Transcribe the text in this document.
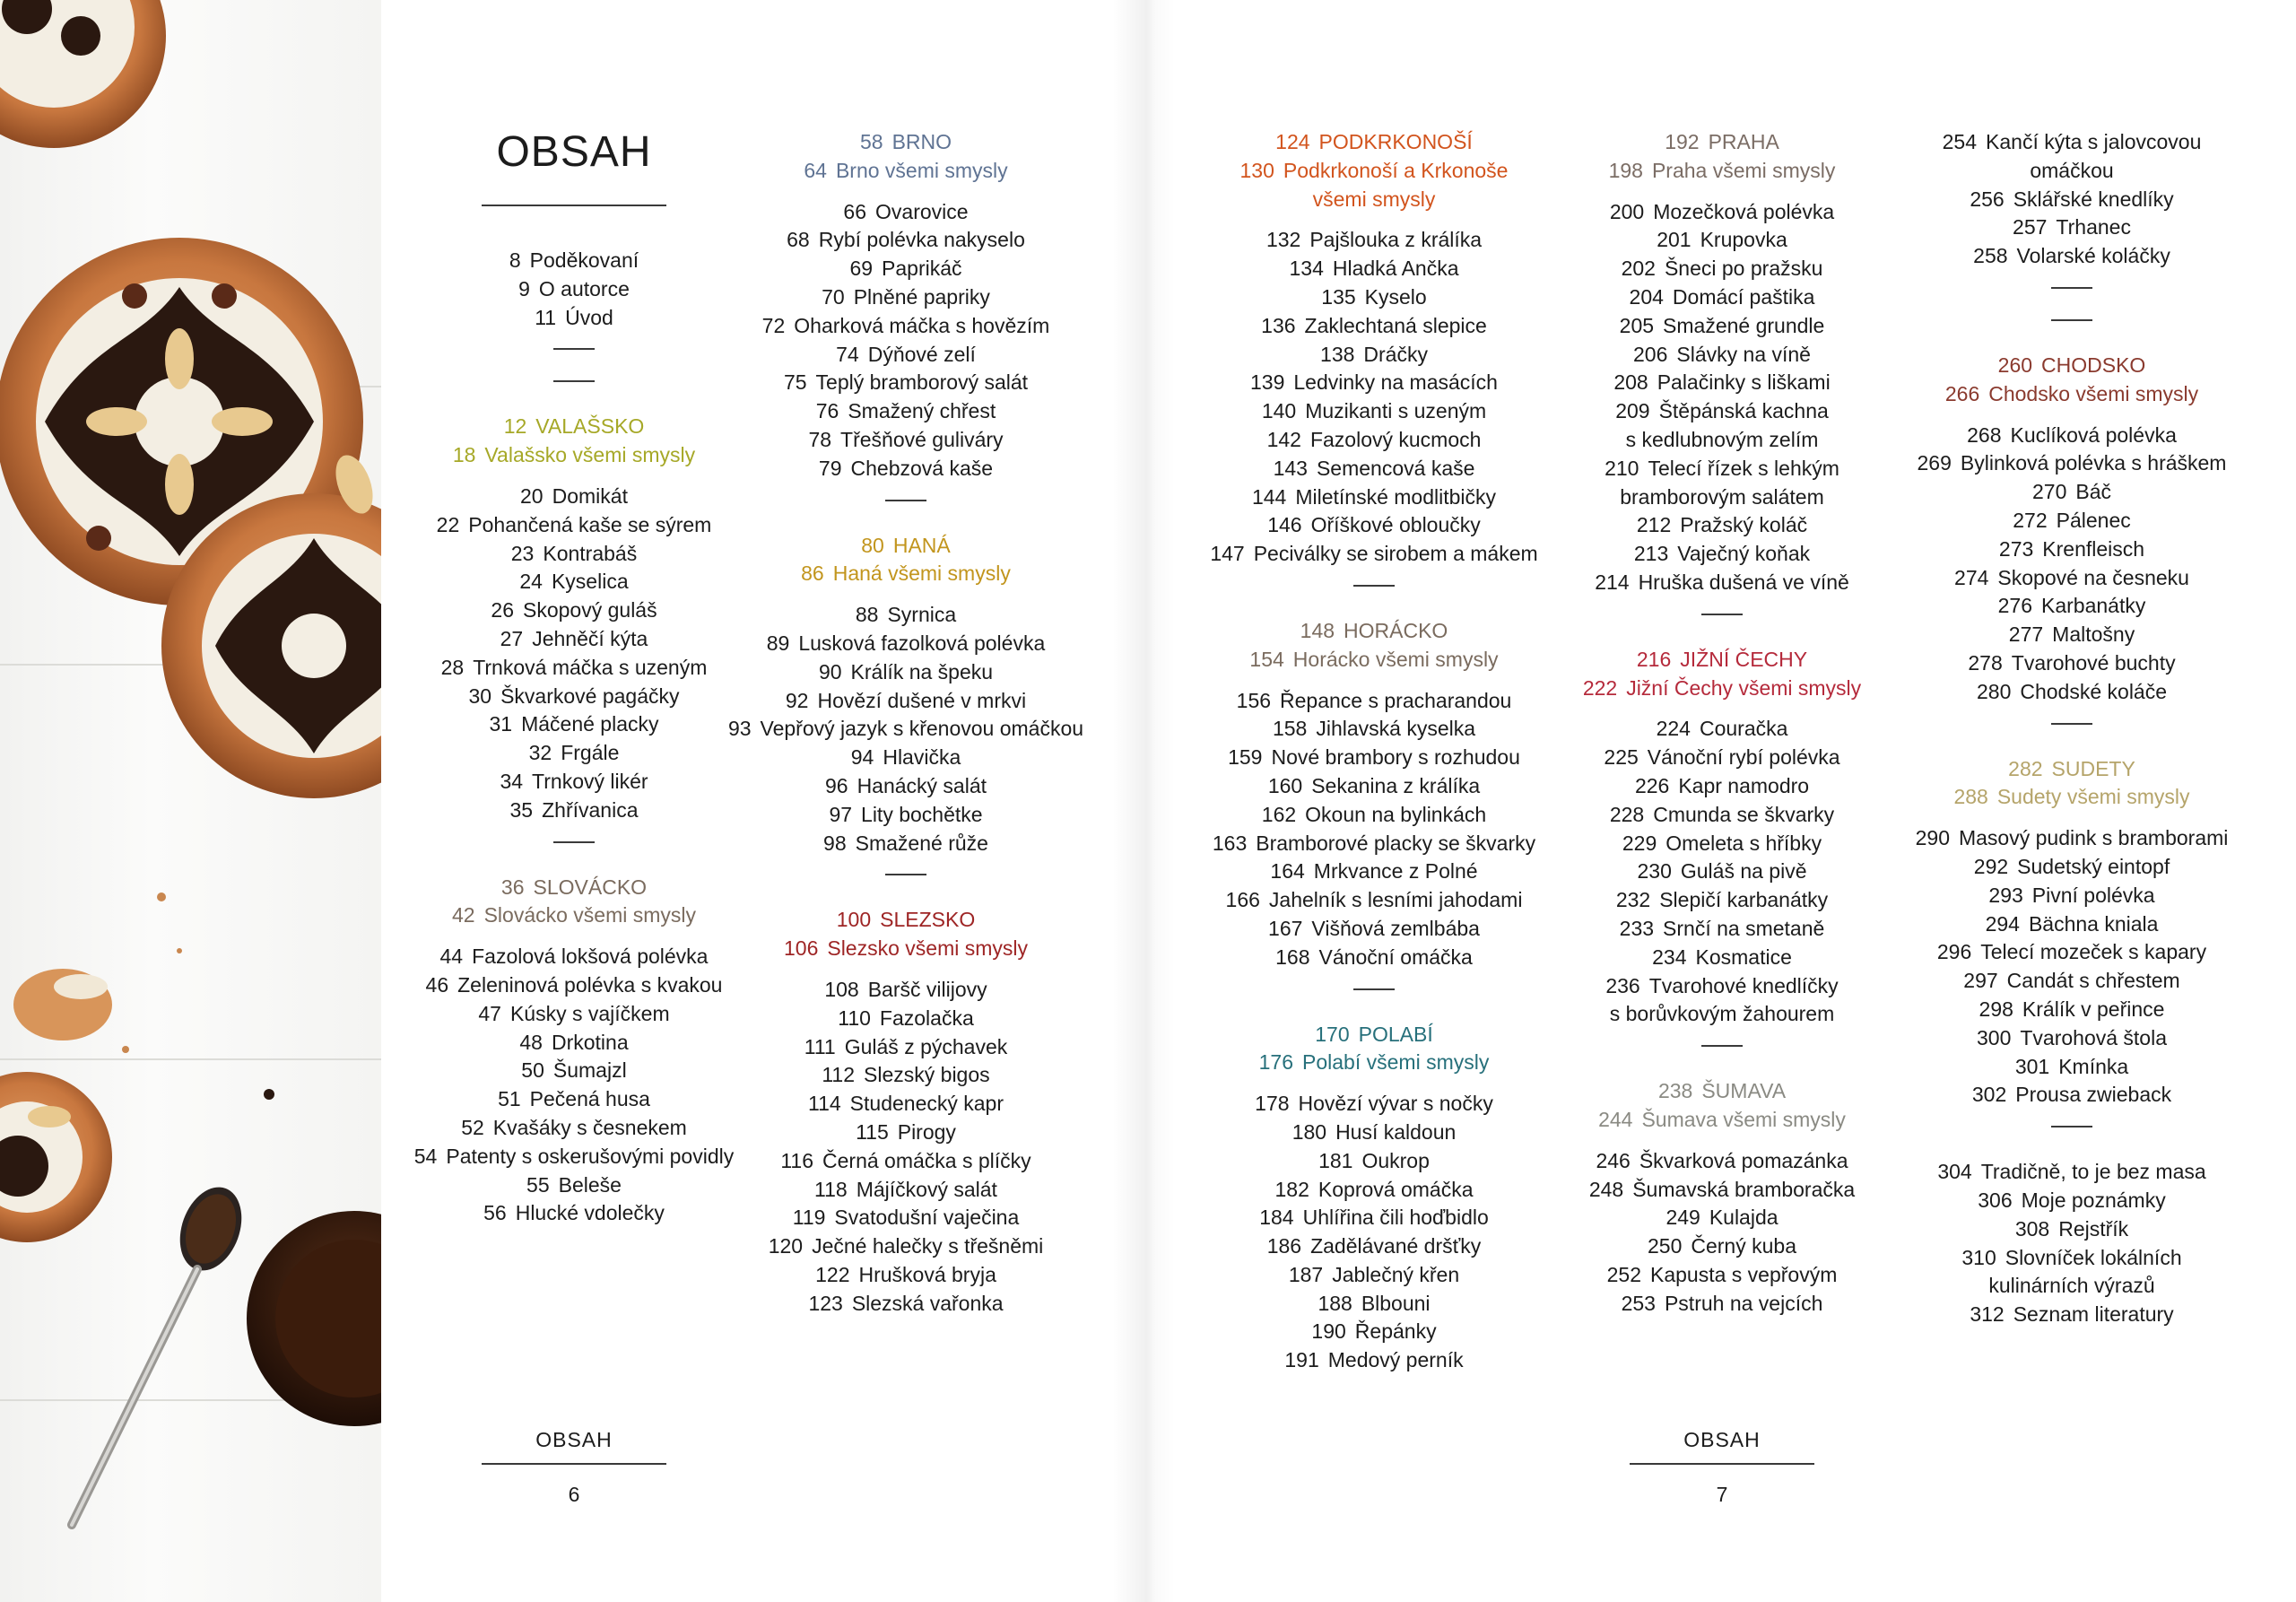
OBSAH
8 Poděkovaní
9 O autorce
11 Úvod
12 VALAŠSKO
18 Valašsko všemi smysly
20 Domikát
22 Pohančená kaše se sýrem
23 Kontrabáš
24 Kyselica
26 Skopový guláš
27 Jehněčí kýta
28 Trnková máčka s uzeným
30 Škvarkové pagáčky
31 Máčené placky
32 Frgále
34 Trnkový likér
35 Zhřívanica
36 SLOVÁCKO
42 Slovácko všemi smysly
44 Fazolová lokšová polévka
46 Zeleninová polévka s kvakou
47 Kúsky s vajíčkem
48 Drkotina
50 Šumajzl
51 Pečená husa
52 Kvašáky s česnekem
54 Patenty s oskerušovými povidly
55 Beleše
56 Hlucké vdolečky
58 BRNO
64 Brno všemi smysly
66 Ovarovice
68 Rybí polévka nakyselo
69 Paprikáč
70 Plněné papriky
72 Oharková máčka s hovězím
74 Dýňové zelí
75 Teplý bramborový salát
76 Smažený chřest
78 Třešňové guliváry
79 Chebzová kaše
80 HANÁ
86 Haná všemi smysly
88 Syrnica
89 Lusková fazolková polévka
90 Králík na špeku
92 Hovězí dušené v mrkvi
93 Vepřový jazyk s křenovou omáčkou
94 Hlavička
96 Hanácký salát
97 Lity bochětke
98 Smažené růže
100 SLEZSKO
106 Slezsko všemi smysly
108 Baršč vilijovy
110 Fazolačka
111 Guláš z pýchavek
112 Slezský bigos
114 Studenecký kapr
115 Pirogy
116 Černá omáčka s plíčky
118 Májíčkový salát
119 Svatodušní vaječina
120 Ječné halečky s třešněmi
122 Hrušková bryja
123 Slezská vařonka
124 PODKRKONOŠÍ
130 Podkrkonoší a Krkonoše
všemi smysly
132 Pajšlouka z králíka
134 Hladká Ančka
135 Kyselo
136 Zaklechtaná slepice
138 Dráčky
139 Ledvinky na masácích
140 Muzikanti s uzeným
142 Fazolový kucmoch
143 Semencová kaše
144 Miletínské modlitbičky
146 Oříškové oblоučky
147 Peciválky se sirobem a mákem
148 HORÁCKO
154 Horácko všemi smysly
156 Řepance s pracharandou
158 Jihlavská kyselka
159 Nové brambory s rozhudou
160 Sekanina z králíka
162 Okoun na bylinkách
163 Bramborové placky se škvarky
164 Mrkvance z Polné
166 Jahelník s lesními jahodami
167 Višňová zemlbába
168 Vánoční omáčka
170 POLABÍ
176 Polabí všemi smysly
178 Hovězí vývar s nočky
180 Husí kaldoun
181 Oukrop
182 Koprová omáčka
184 Uhlířina čili hoďbidlo
186 Zadělávané dršťky
187 Jablečný křen
188 Blbouni
190 Řepánky
191 Medový perník
192 PRAHA
198 Praha všemi smysly
200 Mozečková polévka
201 Krupovka
202 Šneci po pražsku
204 Domácí paštika
205 Smažené grundle
206 Slávky na víně
208 Palačinky s liškami
209 Štěpánská kachna
s kedlubnovým zelím
210 Telecí řízek s lehkým
bramborovým salátem
212 Pražský koláč
213 Vaječný koňak
214 Hruška dušená ve víně
216 JIŽNÍ ČECHY
222 Jižní Čechy všemi smysly
224 Couračka
225 Vánoční rybí polévka
226 Kapr namodro
228 Cmunda se škvarky
229 Omeleta s hříbky
230 Guláš na pivě
232 Slepičí karbanátky
233 Srnčí na smetaně
234 Kosmatice
236 Tvarohové knedlíčky
s borůvkovým žahourem
238 ŠUMAVA
244 Šumava všemi smysly
246 Škvarková pomazánka
248 Šumavská bramboračka
249 Kulajda
250 Černý kuba
252 Kapusta s vepřovým
253 Pstruh na vejcích
254 Kančí kýta s jalovcovou
omáčkou
256 Sklářské knedlíky
257 Trhanec
258 Volarské koláčky
260 CHODSKO
266 Chodsko všemi smysly
268 Kuclíková polévka
269 Bylinková polévka s hráškem
270 Báč
272 Pálenec
273 Krenfleisch
274 Skopové na česneku
276 Karbanátky
277 Maltošny
278 Tvarohové buchty
280 Chodské koláče
282 SUDETY
288 Sudety všemi smysly
290 Masový pudink s bramborami
292 Sudetský eintopf
293 Pivní polévka
294 Bächna kniala
296 Telecí mozeček s kapary
297 Candát s chřestem
298 Králík v peřince
300 Tvarohová štola
301 Kmínka
302 Prousa zwieback
304 Tradičně, to je bez masa
306 Moje poznámky
308 Rejstřík
310 Slovníček lokálních
kulinárních výrazů
312 Seznam literatury
OBSAH
6
OBSAH
7
